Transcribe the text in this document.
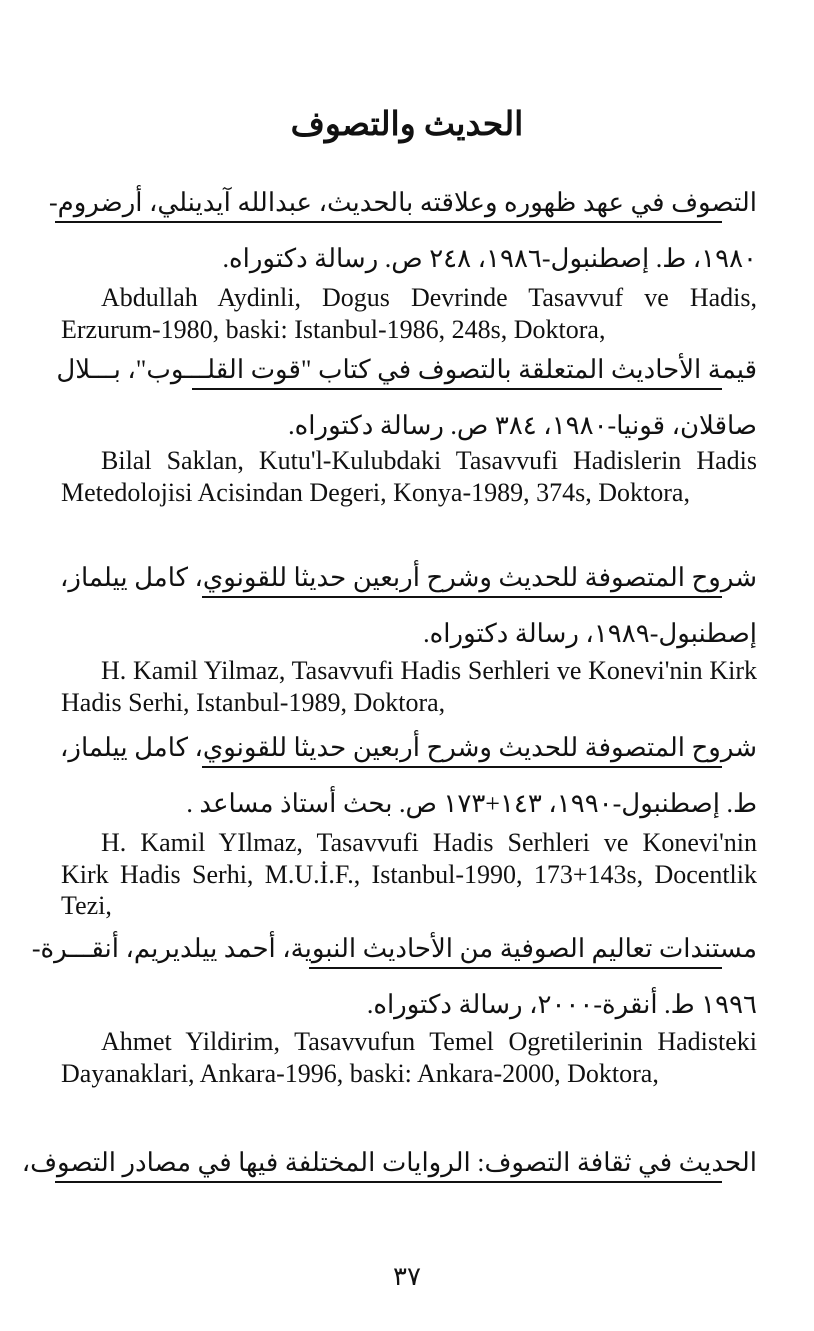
الحديث والتصوف
التصوف في عهد ظهوره وعلاقته بالحديث، عبدالله آيدينلي، أرضروم-
١٩٨٠، ط. إصطنبول-١٩٨٦، ٢٤٨ ص. رسالة دكتوراه.
Abdullah Aydinli, Dogus Devrinde Tasavvuf ve Hadis, Erzurum-1980, baski: Istanbul-1986, 248s, Doktora,
قيمة الأحاديث المتعلقة بالتصوف في كتاب "قوت القلـــوب"، بـــلال
صاقلان، قونيا-١٩٨٠، ٣٨٤ ص. رسالة دكتوراه.
Bilal Saklan, Kutu'l-Kulubdaki Tasavvufi Hadislerin Hadis Metedolojisi Acisindan Degeri, Konya-1989, 374s, Doktora,
شروح المتصوفة للحديث وشرح أربعين حديثا للقونوي، كامل ييلماز،
إصطنبول-١٩٨٩، رسالة دكتوراه.
H. Kamil Yilmaz, Tasavvufi Hadis Serhleri ve Konevi'nin Kirk Hadis Serhi, Istanbul-1989, Doktora,
شروح المتصوفة للحديث وشرح أربعين حديثا للقونوي، كامل ييلماز،
ط. إصطنبول-١٩٩٠، ١٤٣+١٧٣ ص. بحث أستاذ مساعد .
H. Kamil YIlmaz, Tasavvufi Hadis Serhleri ve Konevi'nin Kirk Hadis Serhi, M.U.İ.F., Istanbul-1990, 173+143s, Docentlik Tezi,
مستندات تعاليم الصوفية من الأحاديث النبوية، أحمد ييلديريم، أنقـــرة-
١٩٩٦ ط. أنقرة-٢٠٠٠، رسالة دكتوراه.
Ahmet Yildirim, Tasavvufun Temel Ogretilerinin Hadisteki Dayanaklari, Ankara-1996, baski: Ankara-2000, Doktora,
الحديث في ثقافة التصوف: الروايات المختلفة فيها في مصادر التصوف،
٣٧
